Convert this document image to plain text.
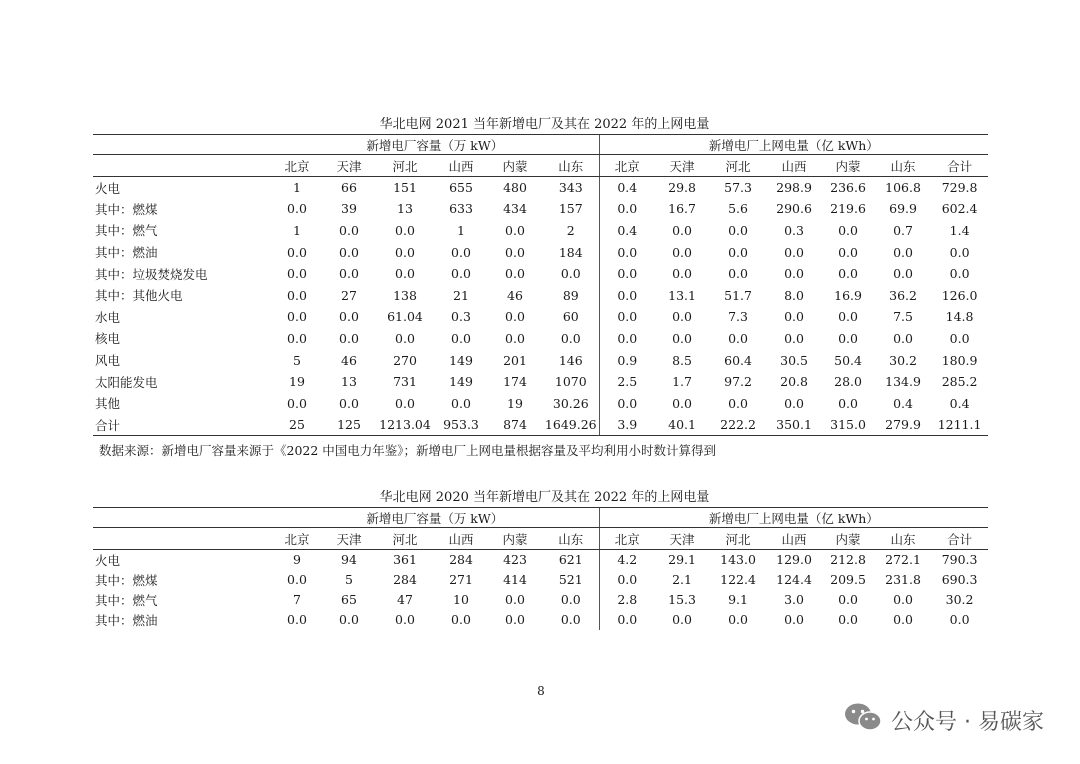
华北电网 2021 当年新增电厂及其在 2022 年的上网电量
	新增电厂容量（万 kW）						新增电厂上网电量（亿 kWh）						
	北京	天津	河北	山西	内蒙	山东	北京	天津	河北	山西	内蒙	山东	合计
火电	1	66	151	655	480	343	0.4	29.8	57.3	298.9	236.6	106.8	729.8
其中：燃煤	0.0	39	13	633	434	157	0.0	16.7	5.6	290.6	219.6	69.9	602.4
其中：燃气	1	0.0	0.0	1	0.0	2	0.4	0.0	0.0	0.3	0.0	0.7	1.4
其中：燃油	0.0	0.0	0.0	0.0	0.0	184	0.0	0.0	0.0	0.0	0.0	0.0	0.0
其中：垃圾焚烧发电	0.0	0.0	0.0	0.0	0.0	0.0	0.0	0.0	0.0	0.0	0.0	0.0	0.0
其中：其他火电	0.0	27	138	21	46	89	0.0	13.1	51.7	8.0	16.9	36.2	126.0
水电	0.0	0.0	61.04	0.3	0.0	60	0.0	0.0	7.3	0.0	0.0	7.5	14.8
核电	0.0	0.0	0.0	0.0	0.0	0.0	0.0	0.0	0.0	0.0	0.0	0.0	0.0
风电	5	46	270	149	201	146	0.9	8.5	60.4	30.5	50.4	30.2	180.9
太阳能发电	19	13	731	149	174	1070	2.5	1.7	97.2	20.8	28.0	134.9	285.2
其他	0.0	0.0	0.0	0.0	19	30.26	0.0	0.0	0.0	0.0	0.0	0.4	0.4
合计	25	125	1213.04	953.3	874	1649.26	3.9	40.1	222.2	350.1	315.0	279.9	1211.1
数据来源：新增电厂容量来源于《2022 中国电力年鉴》；新增电厂上网电量根据容量及平均利用小时数计算得到
华北电网 2020 当年新增电厂及其在 2022 年的上网电量
	新增电厂容量（万 kW）						新增电厂上网电量（亿 kWh）						
	北京	天津	河北	山西	内蒙	山东	北京	天津	河北	山西	内蒙	山东	合计
火电	9	94	361	284	423	621	4.2	29.1	143.0	129.0	212.8	272.1	790.3
其中：燃煤	0.0	5	284	271	414	521	0.0	2.1	122.4	124.4	209.5	231.8	690.3
其中：燃气	7	65	47	10	0.0	0.0	2.8	15.3	9.1	3.0	0.0	0.0	30.2
其中：燃油	0.0	0.0	0.0	0.0	0.0	0.0	0.0	0.0	0.0	0.0	0.0	0.0	0.0
8
公众号 · 易碳家
